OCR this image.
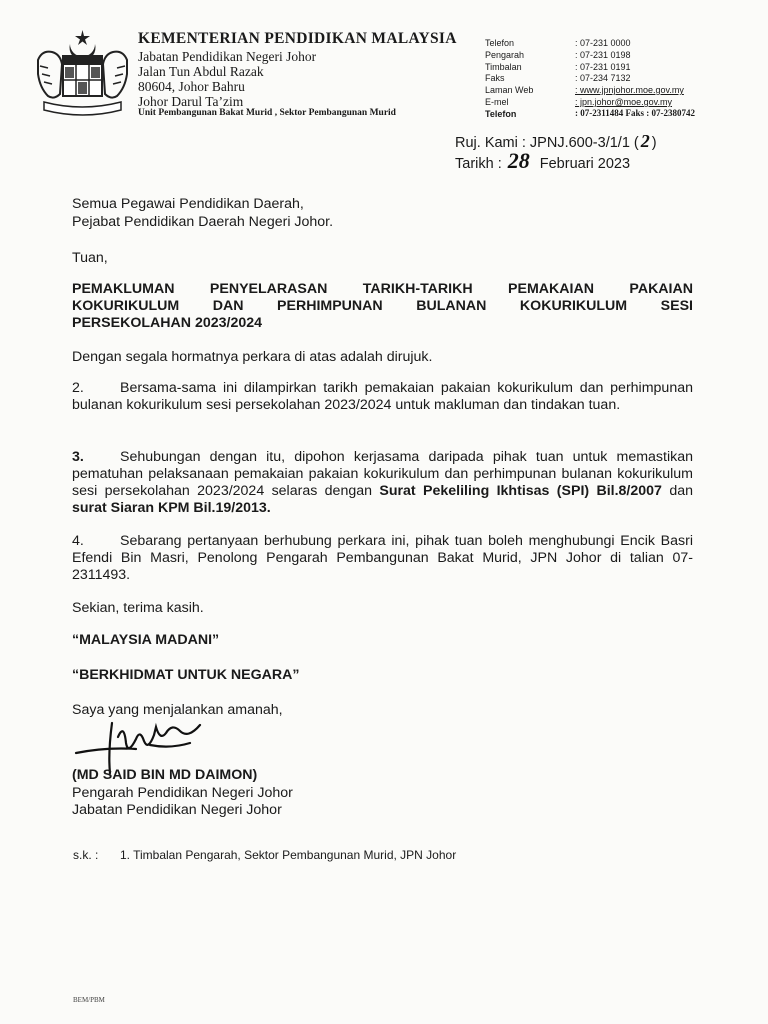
KEMENTERIAN PENDIDIKAN MALAYSIA
Jabatan Pendidikan Negeri Johor
Jalan Tun Abdul Razak
80604, Johor Bahru
Johor Darul Ta’zim
Unit Pembangunan Bakat Murid , Sektor Pembangunan Murid
Telefon	: 07-231 0000
Pengarah	: 07-231 0198
Timbalan	: 07-231 0191
Faks	: 07-234 7132
Laman Web	: www.jpnjohor.moe.gov.my
E-mel	: jpn.johor@moe.gov.my
Telefon	: 07-2311484 Faks : 07-2380742
Ruj. Kami : JPNJ.600-3/1/1 ( 2 )
Tarikh : 28 Februari 2023
Semua Pegawai Pendidikan Daerah,
Pejabat Pendidikan Daerah Negeri Johor.
Tuan,
PEMAKLUMAN PENYELARASAN TARIKH-TARIKH PEMAKAIAN PAKAIAN
KOKURIKULUM DAN PERHIMPUNAN BULANAN KOKURIKULUM SESI
PERSEKOLAHAN 2023/2024
Dengan segala hormatnya perkara di atas adalah dirujuk.
2.	Bersama-sama ini dilampirkan tarikh pemakaian pakaian kokurikulum dan perhimpunan bulanan kokurikulum sesi persekolahan 2023/2024 untuk makluman dan tindakan tuan.
3.	Sehubungan dengan itu, dipohon kerjasama daripada pihak tuan untuk memastikan pematuhan pelaksanaan pemakaian pakaian kokurikulum dan perhimpunan bulanan kokurikulum sesi persekolahan 2023/2024 selaras dengan Surat Pekeliling Ikhtisas (SPI) Bil.8/2007 dan surat Siaran KPM Bil.19/2013.
4.	Sebarang pertanyaan berhubung perkara ini, pihak tuan boleh menghubungi Encik Basri Efendi Bin Masri, Penolong Pengarah Pembangunan Bakat Murid, JPN Johor di talian 07-2311493.
Sekian, terima kasih.
“MALAYSIA MADANI”
“BERKHIDMAT UNTUK NEGARA”
Saya yang menjalankan amanah,
(MD SAID BIN MD DAIMON)
Pengarah Pendidikan Negeri Johor
Jabatan Pendidikan Negeri Johor
s.k. : 1. Timbalan Pengarah, Sektor Pembangunan Murid, JPN Johor
BEM/PBM
